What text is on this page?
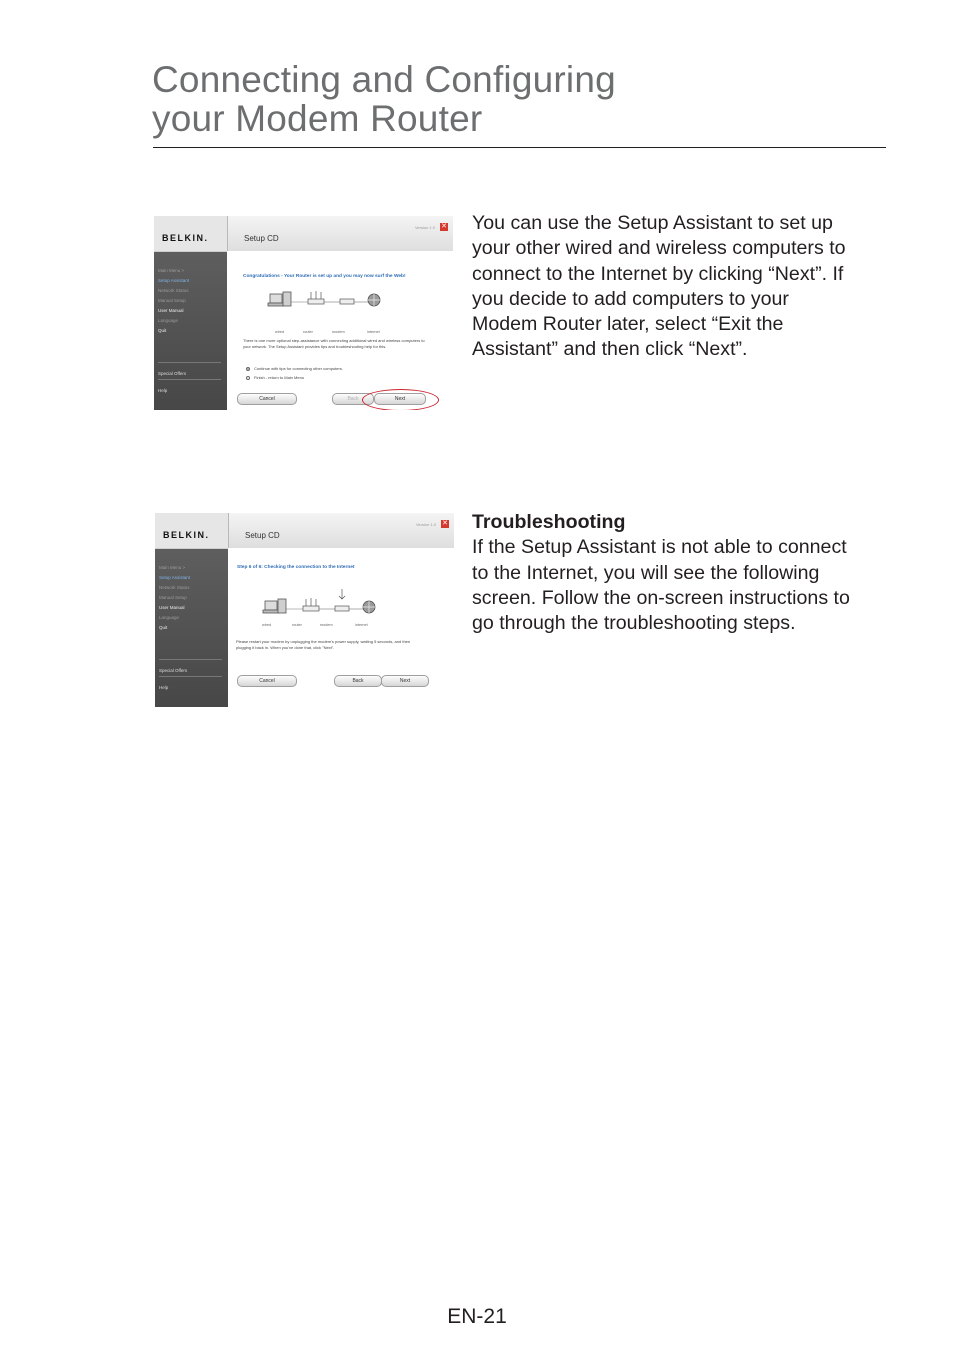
Connecting and Configuring
your Modem Router
BELKIN.	Setup CD
Version 1.0 ✕
Main Menu >
Setup Assistant
Network Status
Manual Setup
User Manual
Language
Quit
Special Offers
Help
Congratulations - Your Router is set up and you may now surf the Web!
wired	router	modem	internet
There is one more optional step-assistance with connecting additional wired and wireless computers to your network. The Setup Assistant provides tips and troubleshooting help for this.
Continue with tips for connecting other computers.
Finish - return to Main Menu
Cancel	Back	Next

You can use the Setup Assistant to set up your other wired and wireless computers to connect to the Internet by clicking “Next”. If you decide to add computers to your Modem Router later, select “Exit the Assistant” and then click “Next”.

BELKIN.	Setup CD
Version 1.0 ✕
Main Menu >
Setup Assistant
Network Status
Manual Setup
User Manual
Language
Quit
Special Offers
Help
Step 6 of 6: Checking the connection to the Internet
wired	router	modem	internet
Please restart your modem by unplugging the modem's power supply, waiting 5 seconds, and then plugging it back in. When you've done that, click "Next".
Cancel	Back	Next
Troubleshooting

If the Setup Assistant is not able to connect to the Internet, you will see the following screen. Follow the on-screen instructions to go through the troubleshooting steps.

EN-21
